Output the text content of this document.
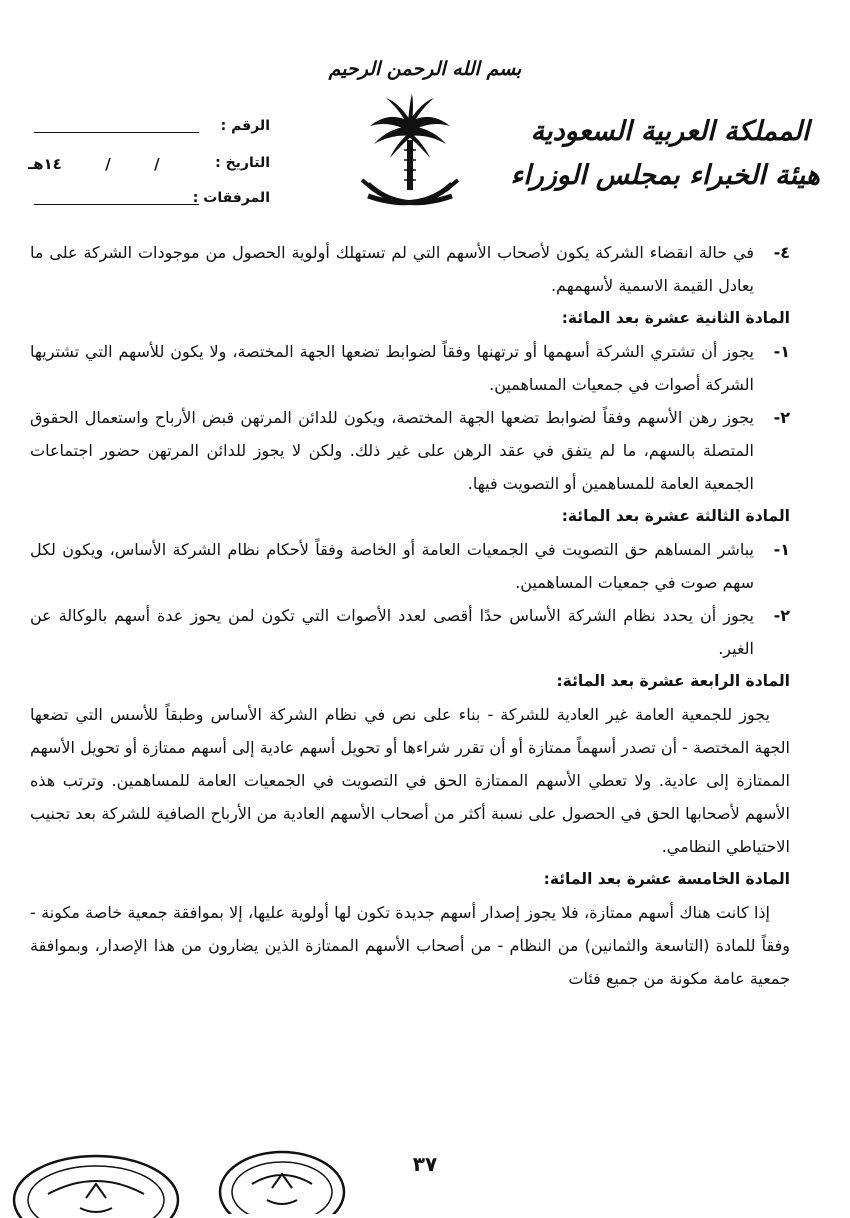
بسم الله الرحمن الرحيم
المملكة العربية السعودية
هيئة الخبراء بمجلس الوزراء
الرقم :
التاريخ :
١٤هـ	/	/
المرفقات :
٤-

في حالة انقضاء الشركة يكون لأصحاب الأسهم التي لم تستهلك أولوية الحصول من موجودات الشركة على ما يعادل القيمة الاسمية لأسهمهم.

المادة الثانية عشرة بعد المائة:

١-

يجوز أن تشتري الشركة أسهمها أو ترتهنها وفقاً لضوابط تضعها الجهة المختصة، ولا يكون للأسهم التي تشتريها الشركة أصوات في جمعيات المساهمين.

٢-

يجوز رهن الأسهم وفقاً لضوابط تضعها الجهة المختصة، ويكون للدائن المرتهن قبض الأرباح واستعمال الحقوق المتصلة بالسهم، ما لم يتفق في عقد الرهن على غير ذلك. ولكن لا يجوز للدائن المرتهن حضور اجتماعات الجمعية العامة للمساهمين أو التصويت فيها.

المادة الثالثة عشرة بعد المائة:

١-

يباشر المساهم حق التصويت في الجمعيات العامة أو الخاصة وفقاً لأحكام نظام الشركة الأساس، ويكون لكل سهم صوت في جمعيات المساهمين.

٢-

يجوز أن يحدد نظام الشركة الأساس حدًا أقصى لعدد الأصوات التي تكون لمن يحوز عدة أسهم بالوكالة عن الغير.

المادة الرابعة عشرة بعد المائة:

يجوز للجمعية العامة غير العادية للشركة - بناء على نص في نظام الشركة الأساس وطبقاً للأسس التي تضعها الجهة المختصة - أن تصدر أسهماً ممتازة أو أن تقرر شراءها أو تحويل أسهم عادية إلى أسهم ممتازة أو تحويل الأسهم الممتازة إلى عادية. ولا تعطي الأسهم الممتازة الحق في التصويت في الجمعيات العامة للمساهمين. وترتب هذه الأسهم لأصحابها الحق في الحصول على نسبة أكثر من أصحاب الأسهم العادية من الأرباح الصافية للشركة بعد تجنيب الاحتياطي النظامي.

المادة الخامسة عشرة بعد المائة:

إذا كانت هناك أسهم ممتازة، فلا يجوز إصدار أسهم جديدة تكون لها أولوية عليها، إلا بموافقة جمعية خاصة مكونة - وفقاً للمادة (التاسعة والثمانين) من النظام - من أصحاب الأسهم الممتازة الذين يضارون من هذا الإصدار، وبموافقة جمعية عامة مكونة من جميع فئات

٣٧
